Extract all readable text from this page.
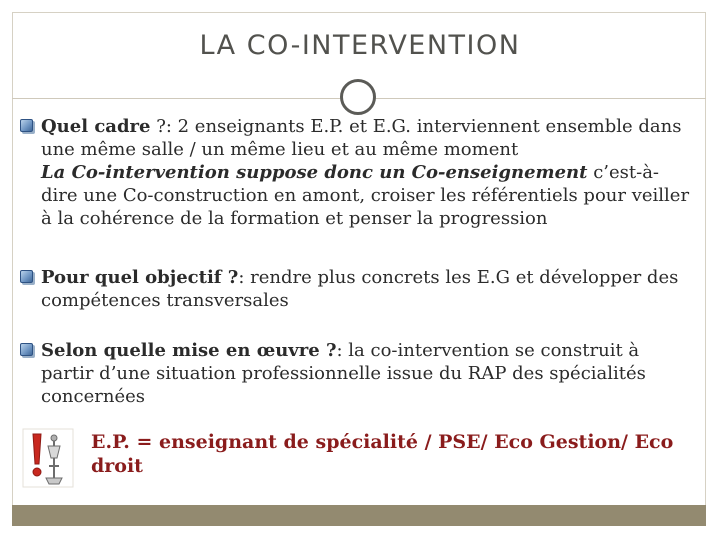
LA CO-INTERVENTION
Quel cadre ?: 2 enseignants E.P. et E.G. interviennent ensemble dans une même salle / un même lieu et au même moment
La Co-intervention suppose donc un Co-enseignement c’est-à-dire une Co-construction en amont, croiser les référentiels pour veiller à la cohérence de la formation et penser la progression
Pour quel objectif ?: rendre plus concrets les E.G et développer des compétences transversales
Selon quelle mise en œuvre ?: la co-intervention se construit à partir d’une situation professionnelle issue du RAP des spécialités concernées
E.P. = enseignant de spécialité / PSE/ Eco Gestion/ Eco droit
